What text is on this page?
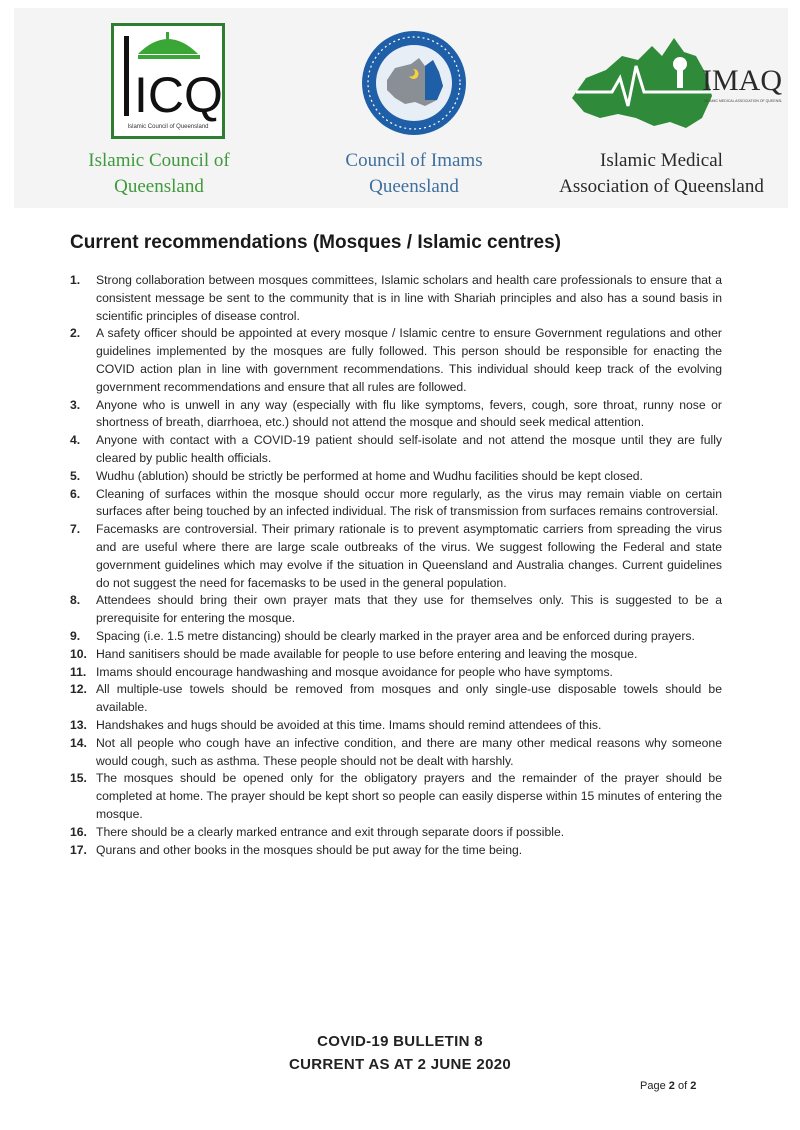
ICQ
Islamic Council of Queensland
Islamic Council of
Queensland
Council of Imams
Queensland
IMAQ
ISLAMIC MEDICAL ASSOCIATION OF QUEENSLAND
Islamic Medical
Association of Queensland
Current recommendations (Mosques / Islamic centres)
1. Strong collaboration between mosques committees, Islamic scholars and health care professionals to ensure that a consistent message be sent to the community that is in line with Shariah principles and also has a sound basis in scientific principles of disease control.
2. A safety officer should be appointed at every mosque / Islamic centre to ensure Government regulations and other guidelines implemented by the mosques are fully followed. This person should be responsible for enacting the COVID action plan in line with government recommendations. This individual should keep track of the evolving government recommendations and ensure that all rules are followed.
3. Anyone who is unwell in any way (especially with flu like symptoms, fevers, cough, sore throat, runny nose or shortness of breath, diarrhoea, etc.) should not attend the mosque and should seek medical attention.
4. Anyone with contact with a COVID-19 patient should self-isolate and not attend the mosque until they are fully cleared by public health officials.
5. Wudhu (ablution) should be strictly be performed at home and Wudhu facilities should be kept closed.
6. Cleaning of surfaces within the mosque should occur more regularly, as the virus may remain viable on certain surfaces after being touched by an infected individual. The risk of transmission from surfaces remains controversial.
7. Facemasks are controversial. Their primary rationale is to prevent asymptomatic carriers from spreading the virus and are useful where there are large scale outbreaks of the virus. We suggest following the Federal and state government guidelines which may evolve if the situation in Queensland and Australia changes. Current guidelines do not suggest the need for facemasks to be used in the general population.
8. Attendees should bring their own prayer mats that they use for themselves only. This is suggested to be a prerequisite for entering the mosque.
9. Spacing (i.e. 1.5 metre distancing) should be clearly marked in the prayer area and be enforced during prayers.
10. Hand sanitisers should be made available for people to use before entering and leaving the mosque.
11. Imams should encourage handwashing and mosque avoidance for people who have symptoms.
12. All multiple-use towels should be removed from mosques and only single-use disposable towels should be available.
13. Handshakes and hugs should be avoided at this time. Imams should remind attendees of this.
14. Not all people who cough have an infective condition, and there are many other medical reasons why someone would cough, such as asthma. These people should not be dealt with harshly.
15. The mosques should be opened only for the obligatory prayers and the remainder of the prayer should be completed at home. The prayer should be kept short so people can easily disperse within 15 minutes of entering the mosque.
16. There should be a clearly marked entrance and exit through separate doors if possible.
17. Qurans and other books in the mosques should be put away for the time being.
COVID-19 BULLETIN 8
CURRENT AS AT 2 JUNE 2020
Page 2 of 2
